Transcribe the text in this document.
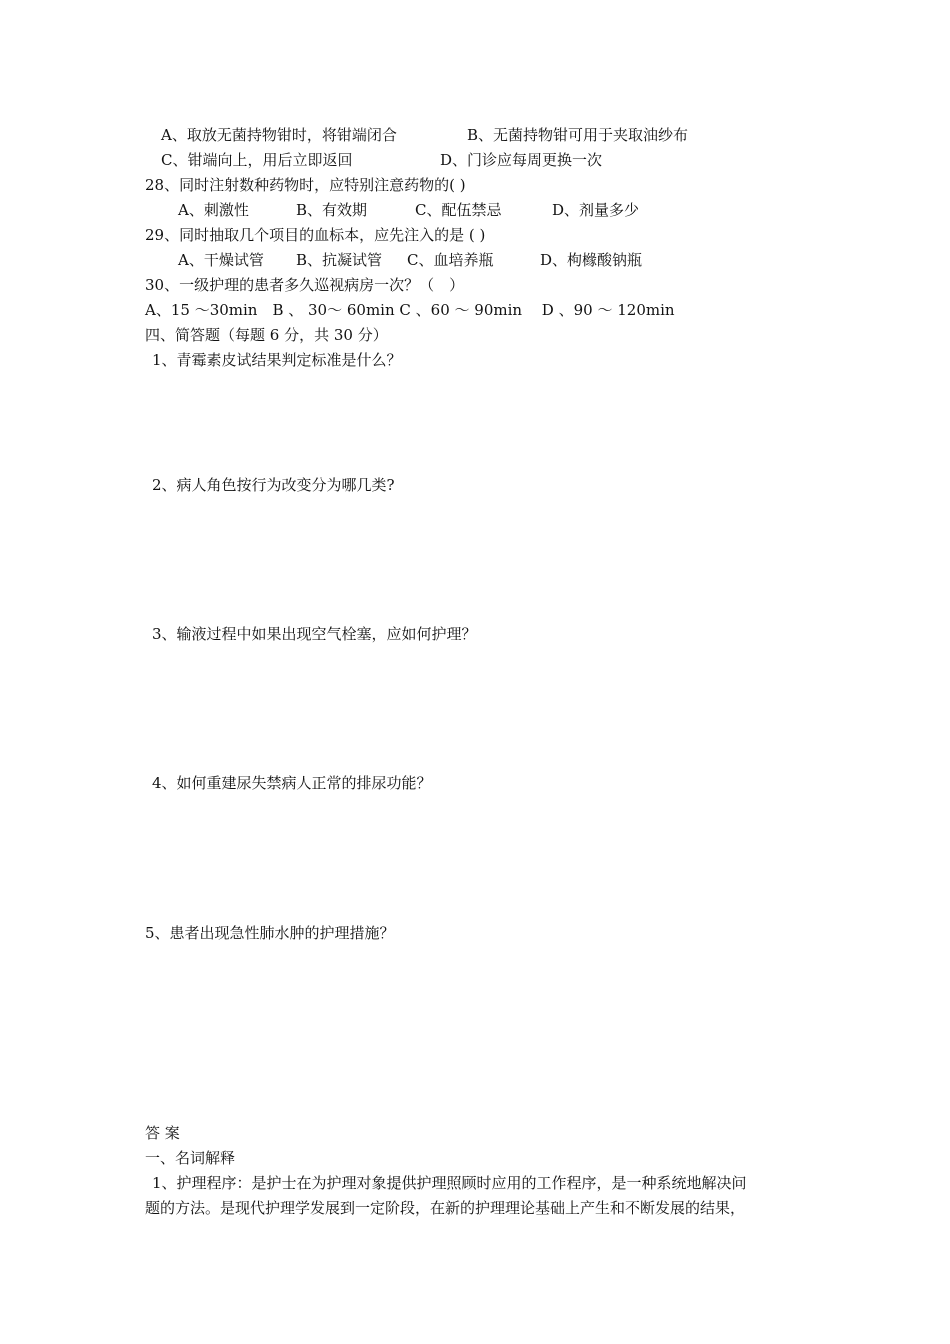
A、取放无菌持物钳时，将钳端闭合	B、无菌持物钳可用于夹取油纱布
C、钳端向上，用后立即返回	D、门诊应每周更换一次
28、同时注射数种药物时，应特别注意药物的( )
A、刺激性	B、有效期	C、配伍禁忌	D、剂量多少
29、同时抽取几个项目的血标本，应先注入的是 ( )
A、干燥试管 B、抗凝试管 C、血培养瓶	D、枸橼酸钠瓶
30、一级护理的患者多久巡视病房一次？（　）
A、15 ～30min　B 、 30～ 60min C 、60 ～ 90min　 D 、90 ～ 120min
四、简答题（每题 6 分，共 30 分）
1、青霉素皮试结果判定标准是什么？
2、病人角色按行为改变分为哪几类?
3、输液过程中如果出现空气栓塞，应如何护理？
4、如何重建尿失禁病人正常的排尿功能？
5、患者出现急性肺水肿的护理措施？
答 案
一、名词解释
1、护理程序：是护士在为护理对象提供护理照顾时应用的工作程序，是一种系统地解决问
题的方法。是现代护理学发展到一定阶段，在新的护理理论基础上产生和不断发展的结果，
